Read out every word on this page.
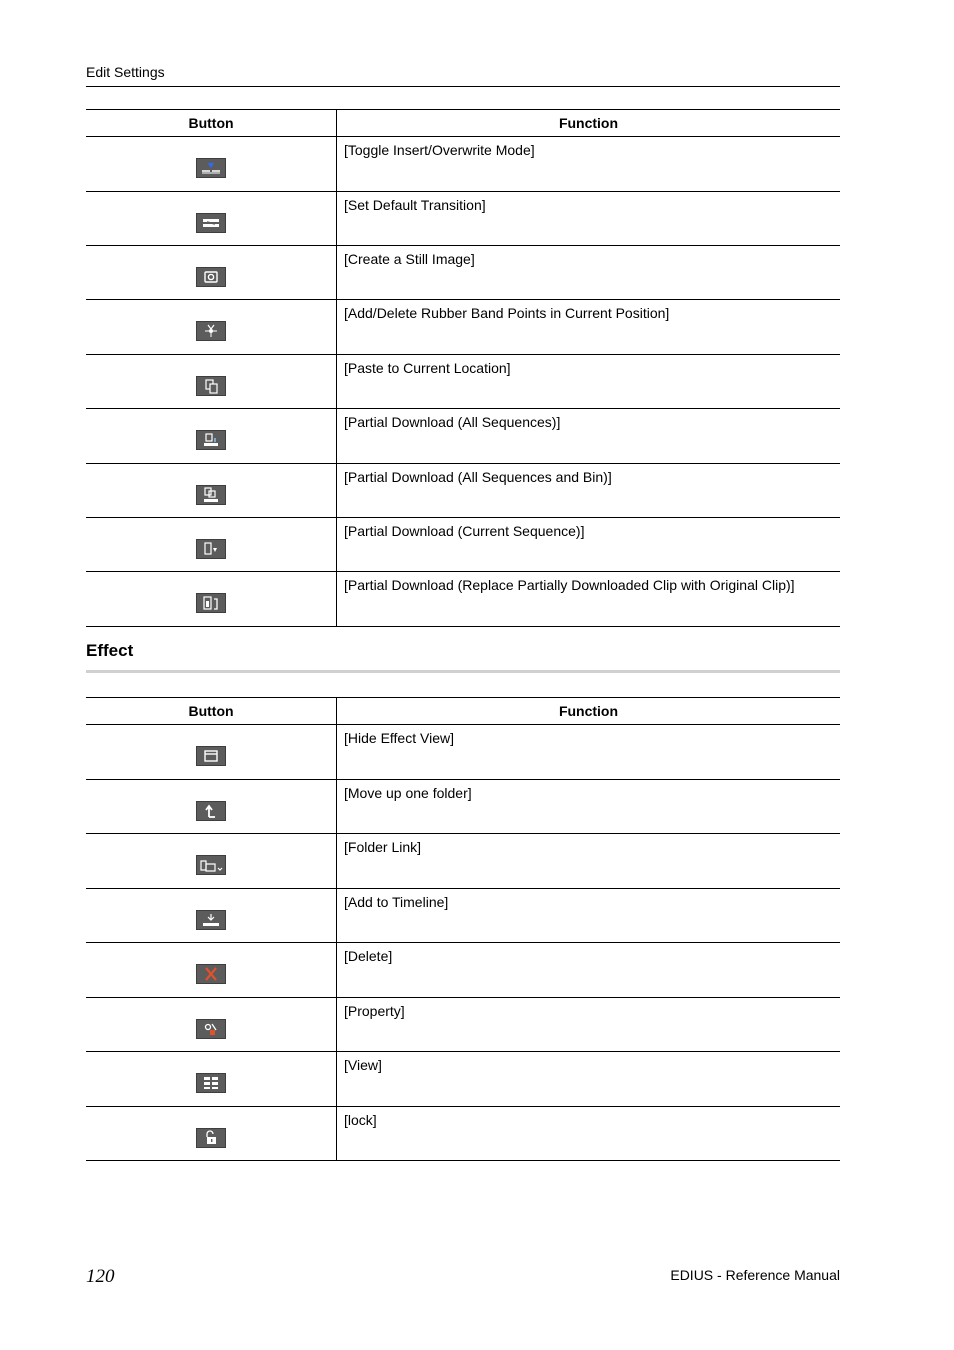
Edit Settings
Button	Function

	[Toggle Insert/Overwrite Mode]

	[Set Default Transition]

	[Create a Still Image]

	[Add/Delete Rubber Band Points in Current Position]

	[Paste to Current Location]

	[Partial Download (All Sequences)]

	[Partial Download (All Sequences and Bin)]

	[Partial Download (Current Sequence)]

	[Partial Download (Replace Partially Downloaded Clip with Original Clip)]
Effect
Button	Function

	[Hide Effect View]

	[Move up one folder]

	[Folder Link]

	[Add to Timeline]

	[Delete]

	[Property]

	[View]

	[lock]
120	EDIUS - Reference Manual
